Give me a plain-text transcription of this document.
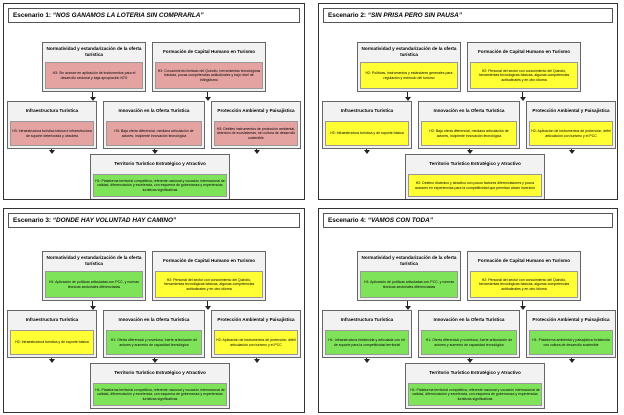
Escenario 1: “NOS GANAMOS LA LOTERIA SIN COMPRARLA”
Normatividad y estandarización de la oferta turística
H3: Sin avance en aplicación de instrumentos para el desarrollo sectorial y baja apropiación NTS
Formación de Capital Humano en Turismo
H3: Conocimiento limitado del Quindío, herramientas tecnológicas básicas, pocas competencias actitudinales y bajo nivel de bilingüismo
Infraestructura Turística
H3: Infraestructura turística básica e infraestructura de soporte deteriorada y obsoleta
Innovación en la Oferta Turística
H3: Baja oferta diferencial, mediana articulación de actores, incipiente innovación tecnológica
Protección Ambiental y Paisajística
H3: Débiles instrumentos de protección ambiental, deterioro de ecosistemas, sin cultura de desarrollo sostenible
Territorio Turístico Estratégico y Atractivo
H1: Plataforma territorial competitiva, referente nacional y vocación internacional de calidad, diferenciación y excelencia, con esquema de gobernanza y experiencias turísticas significativas
Escenario 2: “SIN PRISA PERO SIN PAUSA”
Normatividad y estandarización de la oferta turística
H2: Políticas, instrumentos y estándares generales para regulación y estímulo del turismo
Formación de Capital Humano en Turismo
H2: Personal del sector con conocimiento del Quindío, herramientas tecnológicas básicas, algunas competencias actitudinales y en otro idioma
Infraestructura Turística
H2: Infraestructura turística y de soporte básica
Innovación en la Oferta Turística
H2: Baja oferta diferencial, mediana articulación de actores, incipiente innovación tecnológica
Protección Ambiental y Paisajística
H2: Aplicación de instrumentos de protección, débil articulación con turismo y el PCC
Territorio Turístico Estratégico y Atractivo
H2: Destino dinámico y atractivo con pocos factores diferenciadores y pocos avances en experiencias para la competitividad que permitan atraer inversión
Escenario 3: “DONDE HAY VOLUNTAD HAY CAMINO”
Normatividad y estandarización de la oferta turística
H1: Aplicación de políticas articuladas con PCC, y normas técnicas sectoriales diferenciadas
Formación de Capital Humano en Turismo
H2: Personal del sector con conocimiento del Quindío, herramientas tecnológicas básicas, algunas competencias actitudinales y en otro idioma
Infraestructura Turística
H2: Infraestructura turística y de soporte básica
Innovación en la Oferta Turística
H1: Oferta diferencial y novedosa, fuerte articulación de actores y aumento de capacidad tecnológica
Protección Ambiental y Paisajística
H2: Aplicación de instrumentos de protección, débil articulación con turismo y el PCC
Territorio Turístico Estratégico y Atractivo
H1: Plataforma territorial competitiva, referente nacional y vocación internacional de calidad, diferenciación y excelencia, con esquema de gobernanza y experiencias turísticas significativas
Escenario 4: “VAMOS CON TODA”
Normatividad y estandarización de la oferta turística
H1: Aplicación de políticas articuladas con PCC, y normas técnicas sectoriales diferenciadas
Formación de Capital Humano en Turismo
H2: Personal del sector con conocimiento del Quindío, herramientas tecnológicas básicas, algunas competencias actitudinales y en otro idioma
Infraestructura Turística
H1: Infraestructura fortalecida y articulada con inf. de soporte para la competitividad territorial
Innovación en la Oferta Turística
H1: Oferta diferencial y novedosa, fuerte articulación de actores y aumento de capacidad tecnológica
Protección Ambiental y Paisajística
H1: Plataforma ambiental y paisajística fortalecida con cultura de desarrollo sostenible
Territorio Turístico Estratégico y Atractivo
H1: Plataforma territorial competitiva, referente nacional y vocación internacional de calidad, diferenciación y excelencia, con esquema de gobernanza y experiencias turísticas significativas
